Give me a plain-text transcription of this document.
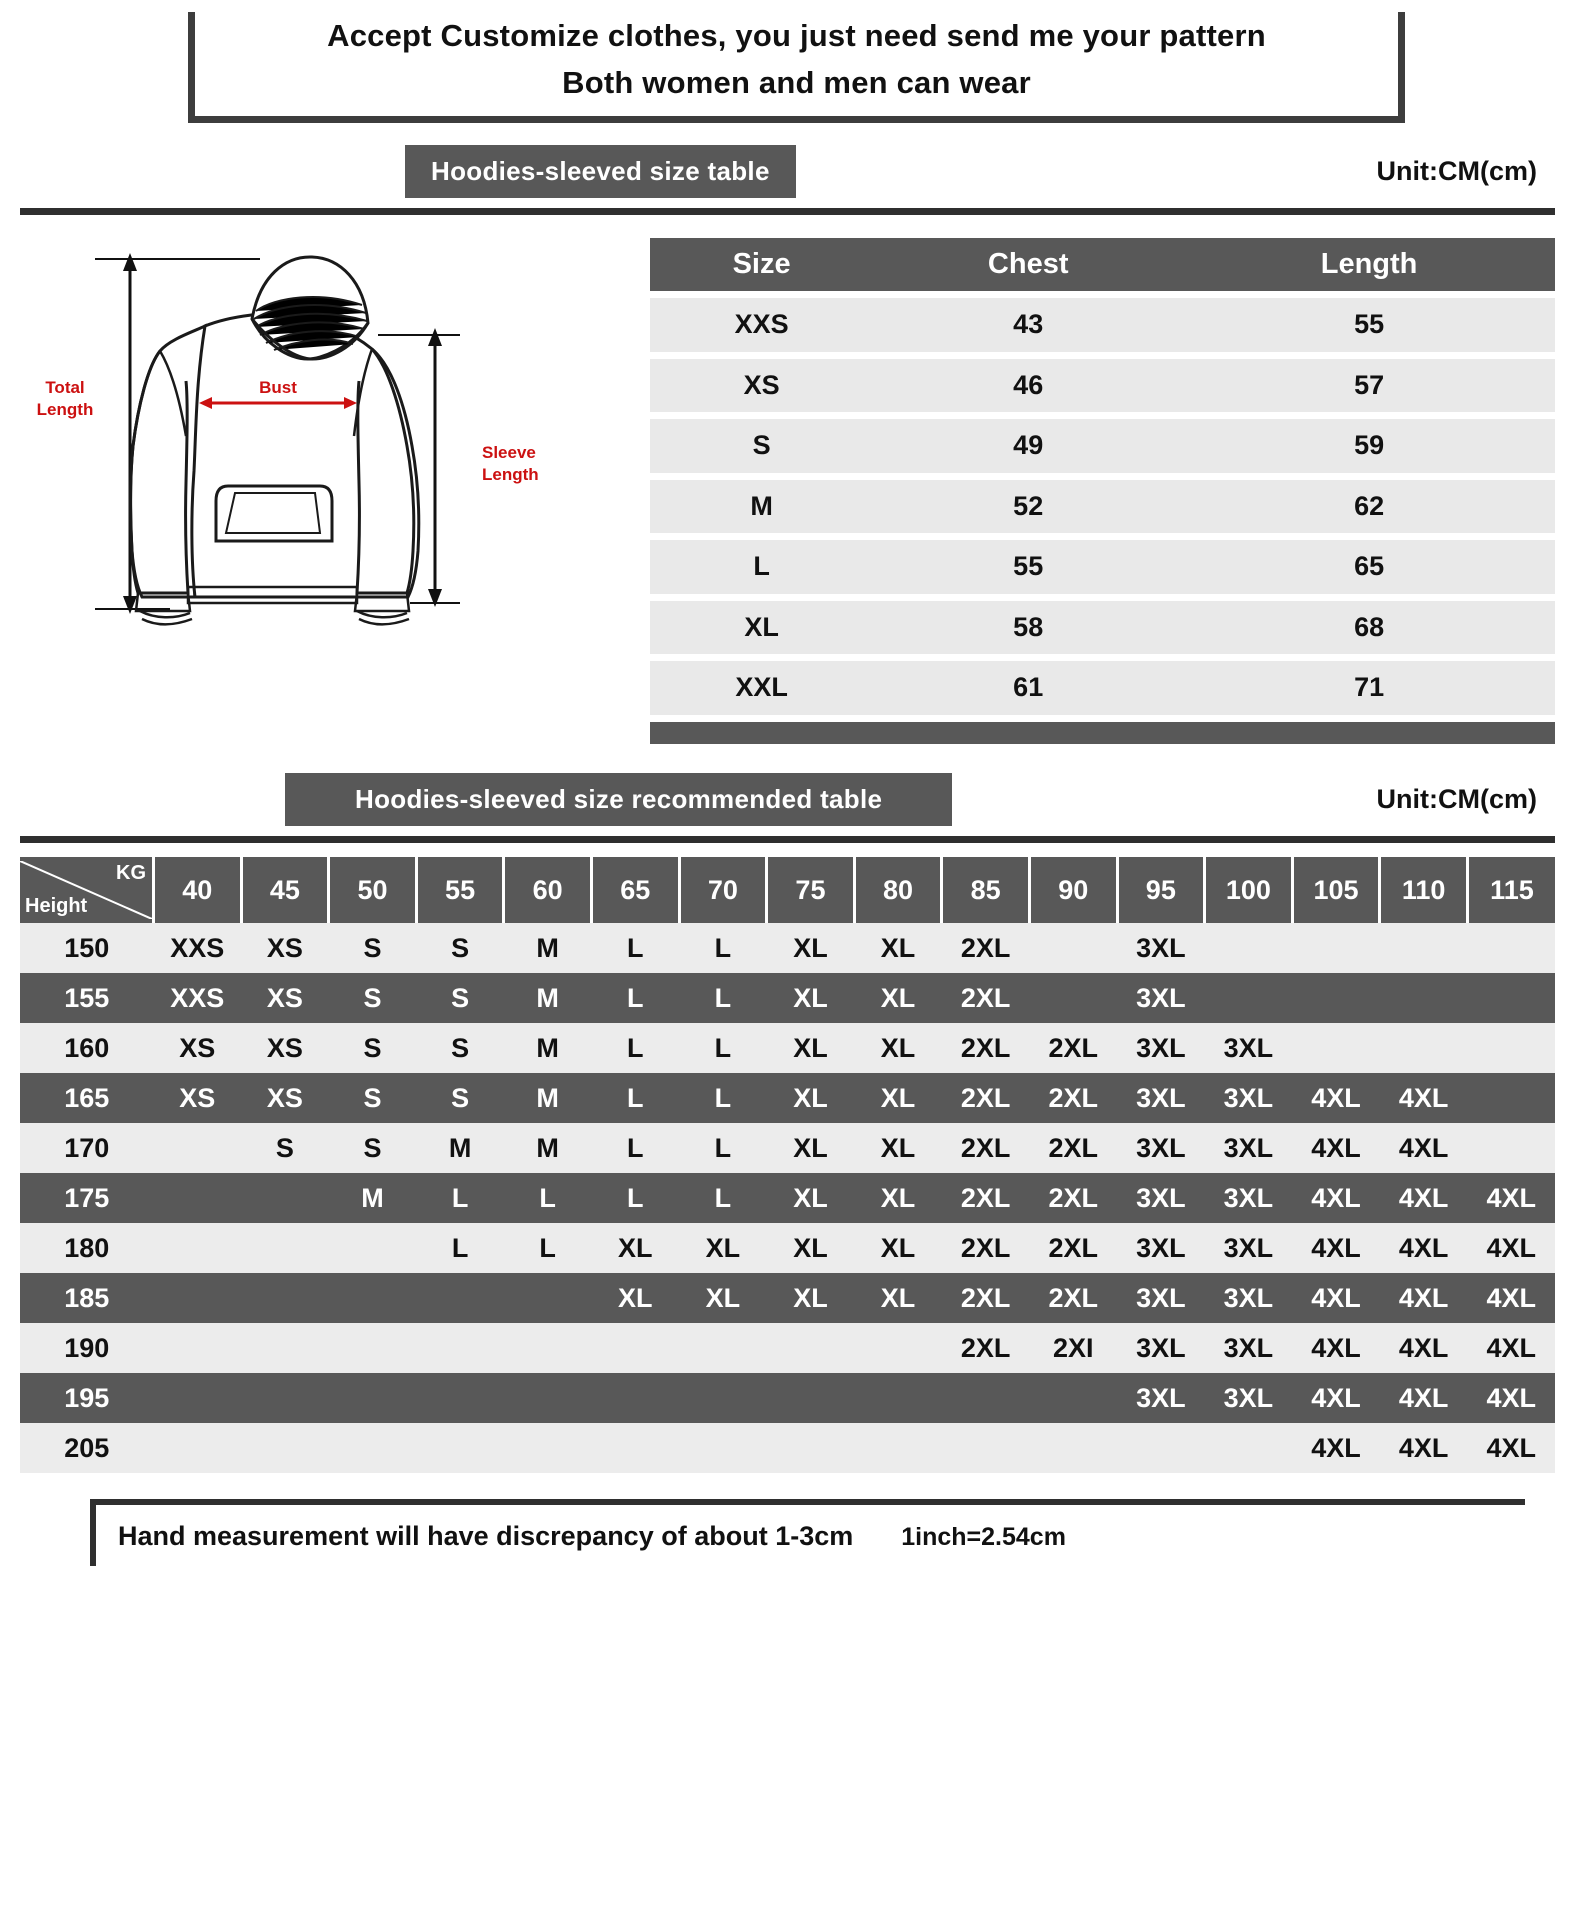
Accept Customize clothes, you just need send me your pattern
Both women and men can wear
Hoodies-sleeved size table	Unit:CM(cm)
Total
Length
Bust
Sleeve
Length
Size	Chest	Length
XXS	43	55
XS	46	57
S	49	59
M	52	62
L	55	65
XL	58	68
XXL	61	71

Hoodies-sleeved size recommended table	Unit:CM(cm)
KG
Height	40	45	50	55	60	65	70	75	80	85	90	95	100	105	110	115
150	XXS	XS	S	S	M	L	L	XL	XL	2XL		3XL				
155	XXS	XS	S	S	M	L	L	XL	XL	2XL		3XL				
160	XS	XS	S	S	M	L	L	XL	XL	2XL	2XL	3XL	3XL			
165	XS	XS	S	S	M	L	L	XL	XL	2XL	2XL	3XL	3XL	4XL	4XL	
170		S	S	M	M	L	L	XL	XL	2XL	2XL	3XL	3XL	4XL	4XL	
175			M	L	L	L	L	XL	XL	2XL	2XL	3XL	3XL	4XL	4XL	4XL
180				L	L	XL	XL	XL	XL	2XL	2XL	3XL	3XL	4XL	4XL	4XL
185						XL	XL	XL	XL	2XL	2XL	3XL	3XL	4XL	4XL	4XL
190										2XL	2XI	3XL	3XL	4XL	4XL	4XL
195												3XL	3XL	4XL	4XL	4XL
205														4XL	4XL	4XL
Hand measurement will have discrepancy of about 1-3cm 1inch=2.54cm
